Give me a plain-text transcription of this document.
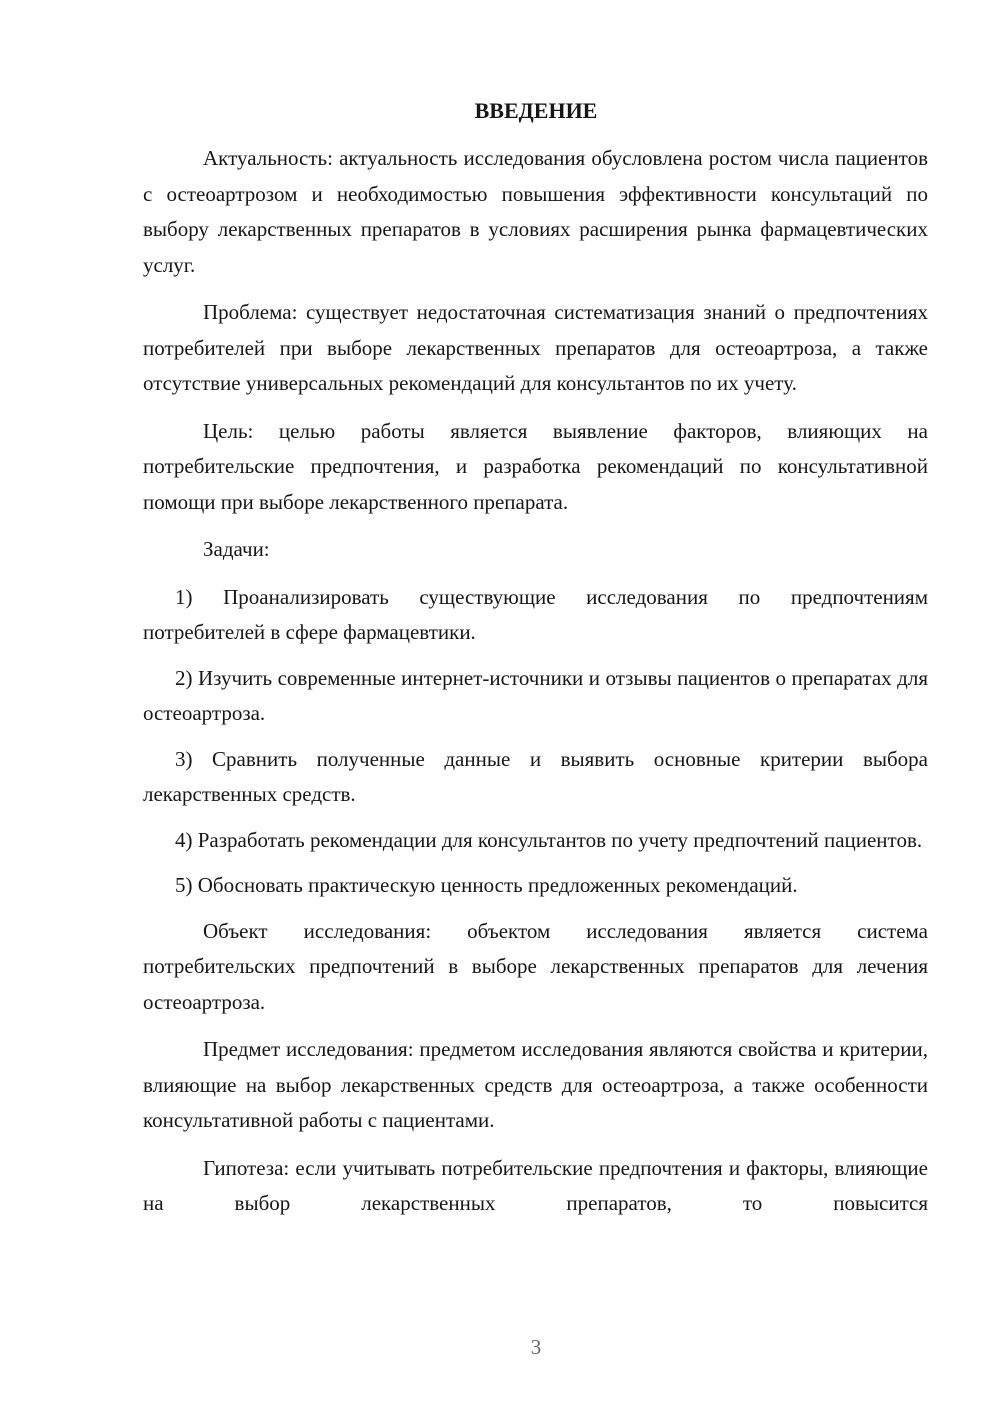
ВВЕДЕНИЕ

Актуальность: актуальность исследования обусловлена ростом числа пациентов с остеоартрозом и необходимостью повышения эффективности консультаций по выбору лекарственных препаратов в условиях расширения рынка фармацевтических услуг.

Проблема: существует недостаточная систематизация знаний о предпочтениях потребителей при выборе лекарственных препаратов для остеоартроза, а также отсутствие универсальных рекомендаций для консультантов по их учету.

Цель: целью работы является выявление факторов, влияющих на потребительские предпочтения, и разработка рекомендаций по консультативной помощи при выборе лекарственного препарата.

Задачи:

1) Проанализировать существующие исследования по предпочтениям потребителей в сфере фармацевтики.

2) Изучить современные интернет-источники и отзывы пациентов о препаратах для остеоартроза.

3) Сравнить полученные данные и выявить основные критерии выбора лекарственных средств.

4) Разработать рекомендации для консультантов по учету предпочтений пациентов.

5) Обосновать практическую ценность предложенных рекомендаций.

Объект исследования: объектом исследования является система потребительских предпочтений в выборе лекарственных препаратов для лечения остеоартроза.

Предмет исследования: предметом исследования являются свойства и критерии, влияющие на выбор лекарственных средств для остеоартроза, а также особенности консультативной работы с пациентами.

Гипотеза: если учитывать потребительские предпочтения и факторы, влияющие на выбор лекарственных препаратов, то повысится

3
